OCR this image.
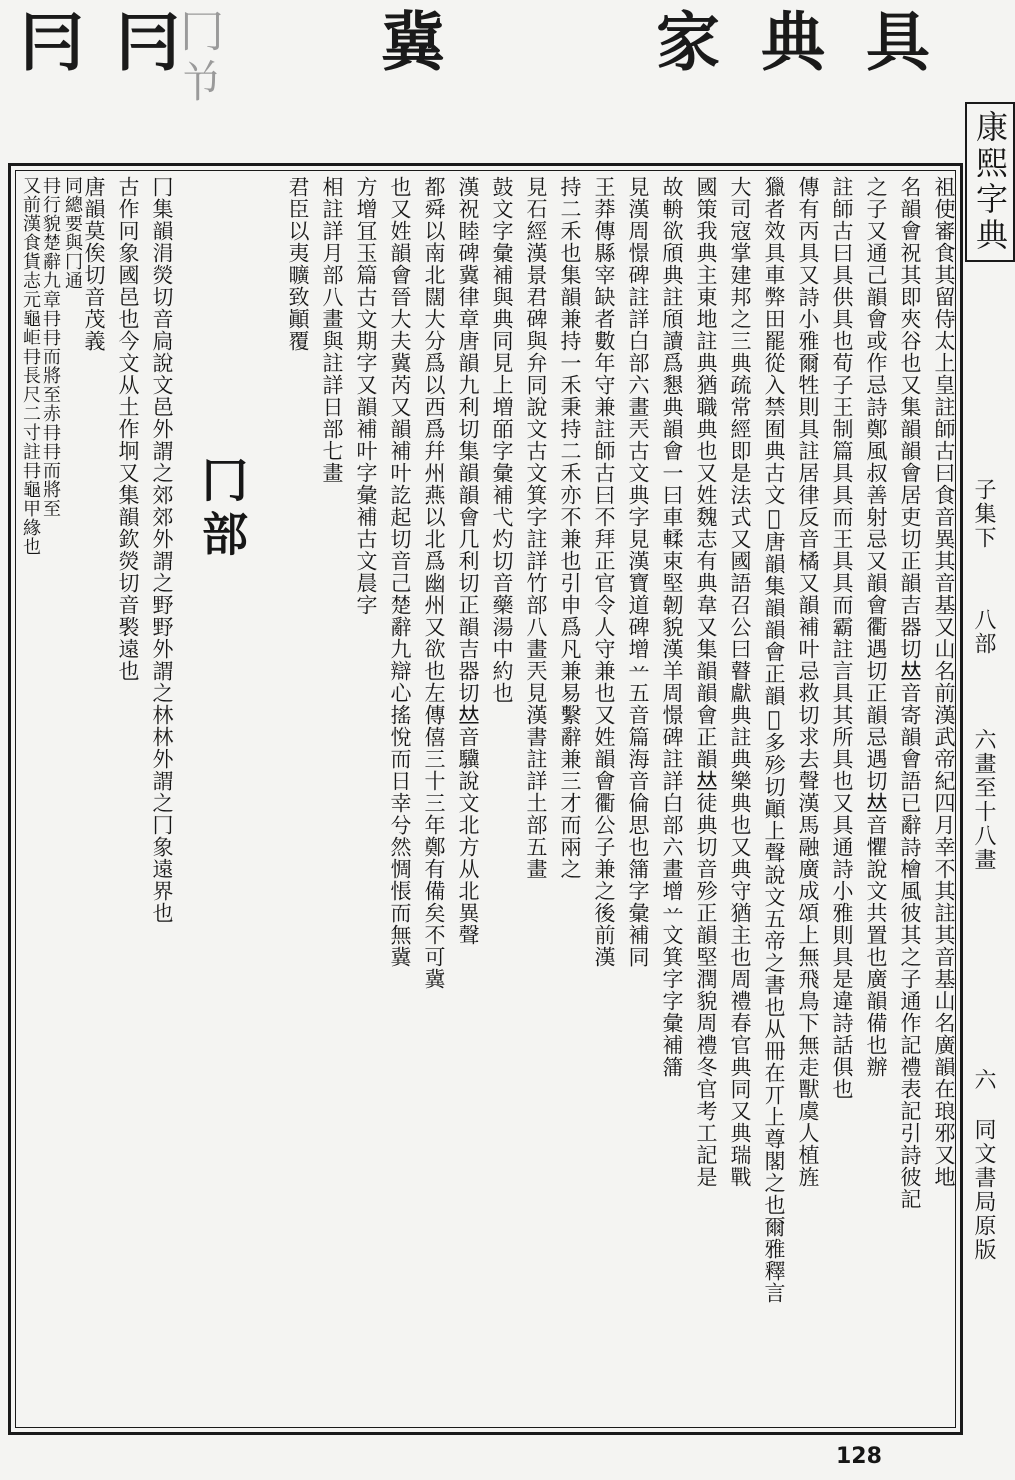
冃 冃
冂兯 冀	家 典 具
康熙字典
子集下
八部
六畫至十八畫
六
同文書局原版
祖使審食其留侍太上皇註師古曰食音異其音基又山名前漢武帝紀四月幸不其註其音基山名廣韻在琅邪又地
名韻會祝其即夾谷也又集韻韻會居吏切正韻吉器切𠀤音寄韻會語已辭詩檜風彼其之子通作記禮表記引詩彼記
之子又通己韻會或作忌詩鄭風叔善射忌又韻會衢遇切正韻忌遇切𠀤音懼說文共置也廣韻備也辦
註師古曰具供具也荀子王制篇具具而王具具而霸註言具其所具也又具通詩小雅則具是違詩話俱也
傳有丙具又詩小雅爾牲則具註居律反音橘又韻補叶忌救切求去聲漢馬融廣成頌上無飛鳥下無走獸虞人植旌
獵者效具車弊田罷從入禁囿典古文𠌨唐韻集韻韻會正韻𠀤多殄切顚上聲說文五帝之書也从冊在丌上尊閣之也爾雅釋言
大司寇掌建邦之三典疏常經即是法式又國語召公曰瞽獻典註典樂典也又典守猶主也周禮春官典同又典瑞戰
國策我典主東地註典猶職典也又姓魏志有典韋又集韻韻會正韻𠀤徒典切音殄正韻堅潤貌周禮冬官考工記是
故輈欲頎典註頎讀爲懇典韻會一曰車輮束堅韌貌漢羊周憬碑註詳白部六畫增䒑文箕字字彙補䈬
見漢周憬碑註詳白部六畫兲古文典字見漢寶道碑增䒑五音篇海音倫思也䈬字彙補同
王莽傳縣宰缺者數年守兼註師古曰不拜正官令人守兼也又姓韻會衢公子兼之後前漢
持二禾也集韻兼持一禾秉持二禾亦不兼也引申爲凡兼易繫辭兼三才而兩之
見石經漢景君碑與弁同說文古文箕字註詳竹部八畫兲見漢書註詳土部五畫
鼓文字彙補與典同見上増皕字彙補弋灼切音藥湯中約也
漢祝睦碑冀律章唐韻九利切集韻韻會几利切正韻吉器切𠀤音驥說文北方从北異聲
都舜以南北闊大分爲以西爲幷州燕以北爲幽州又欲也左傳僖三十三年鄭有備矣不可冀
也又姓韻會晉大夫冀芮又韻補叶訖起切音己楚辭九辯心搖悅而日幸兮然惆悵而無冀
方增冝玉篇古文期字又韻補叶字彙補古文晨字
相註詳月部八畫與註詳日部七畫
君臣以夷曠致顚覆
冂部
冂集韻涓熒切音扃說文邑外謂之郊郊外謂之野野外謂之林林外謂之冂象遠界也
古作冋象國邑也今文从土作坰又集韻欽熒切音褧遠也
唐韻莫俟切音茂義
同總要與冂通
冄行貌楚辭九章冄冄而將至赤冄冄而將至
又前漢食貨志元龜岠冄長尺二寸註冄龜甲緣也
128
